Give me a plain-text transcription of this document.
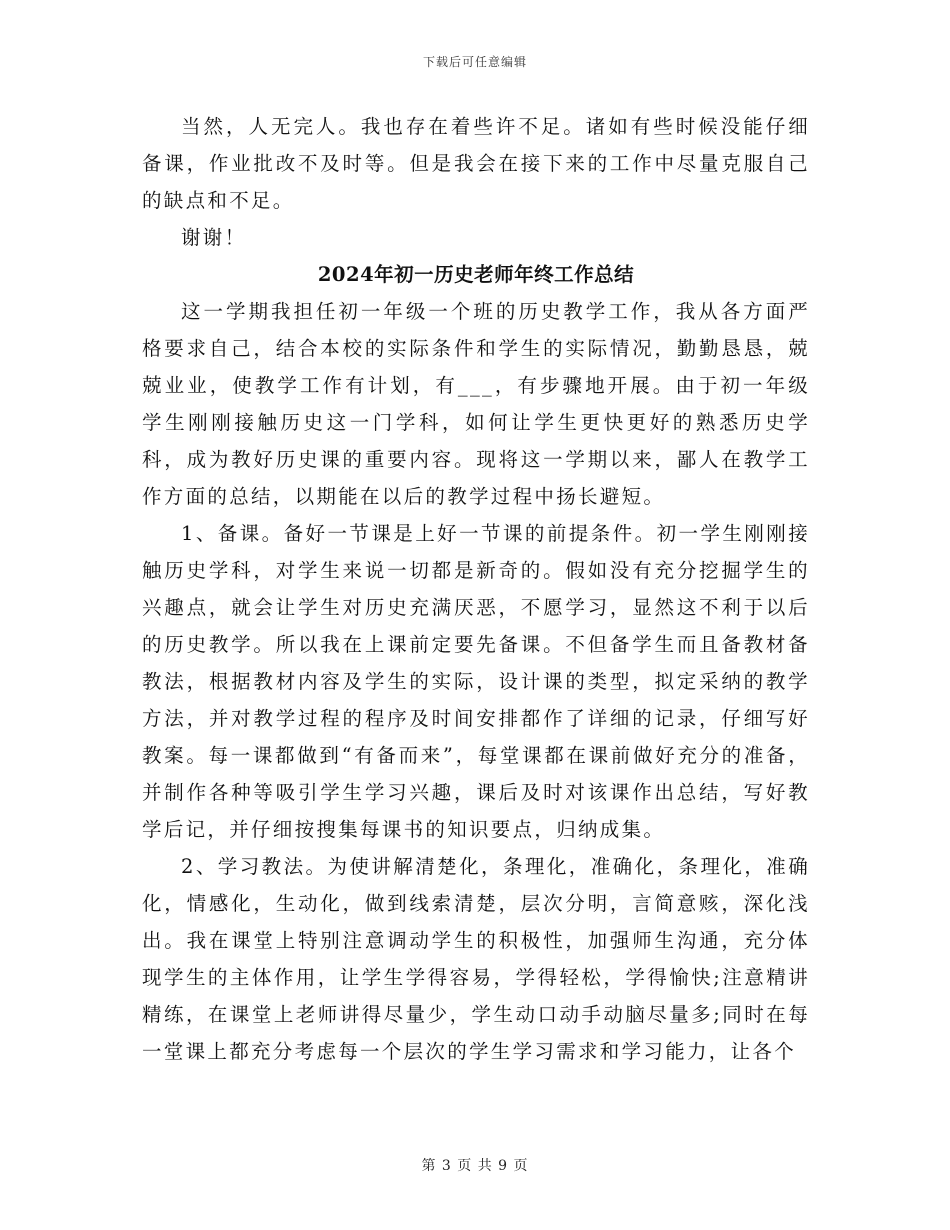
下载后可任意编辑

当然，人无完人。我也存在着些许不足。诸如有些时候没能仔细备课，作业批改不及时等。但是我会在接下来的工作中尽量克服自己的缺点和不足。

谢谢！

2024年初一历史老师年终工作总结

这一学期我担任初一年级一个班的历史教学工作，我从各方面严格要求自己，结合本校的实际条件和学生的实际情况，勤勤恳恳，兢兢业业，使教学工作有计划，有___，有步骤地开展。由于初一年级学生刚刚接触历史这一门学科，如何让学生更快更好的熟悉历史学科，成为教好历史课的重要内容。现将这一学期以来，鄙人在教学工作方面的总结，以期能在以后的教学过程中扬长避短。

1、备课。备好一节课是上好一节课的前提条件。初一学生刚刚接触历史学科，对学生来说一切都是新奇的。假如没有充分挖掘学生的兴趣点，就会让学生对历史充满厌恶，不愿学习，显然这不利于以后的历史教学。所以我在上课前定要先备课。不但备学生而且备教材备教法，根据教材内容及学生的实际，设计课的类型，拟定采纳的教学方法，并对教学过程的程序及时间安排都作了详细的记录，仔细写好教案。每一课都做到“有备而来”，每堂课都在课前做好充分的准备，并制作各种等吸引学生学习兴趣，课后及时对该课作出总结，写好教学后记，并仔细按搜集每课书的知识要点，归纳成集。

2、学习教法。为使讲解清楚化，条理化，准确化，条理化，准确化，情感化，生动化，做到线索清楚，层次分明，言简意赅，深化浅出。我在课堂上特别注意调动学生的积极性，加强师生沟通，充分体现学生的主体作用，让学生学得容易，学得轻松，学得愉快;注意精讲精练，在课堂上老师讲得尽量少，学生动口动手动脑尽量多;同时在每一堂课上都充分考虑每一个层次的学生学习需求和学习能力，让各个

第 3 页 共 9 页
